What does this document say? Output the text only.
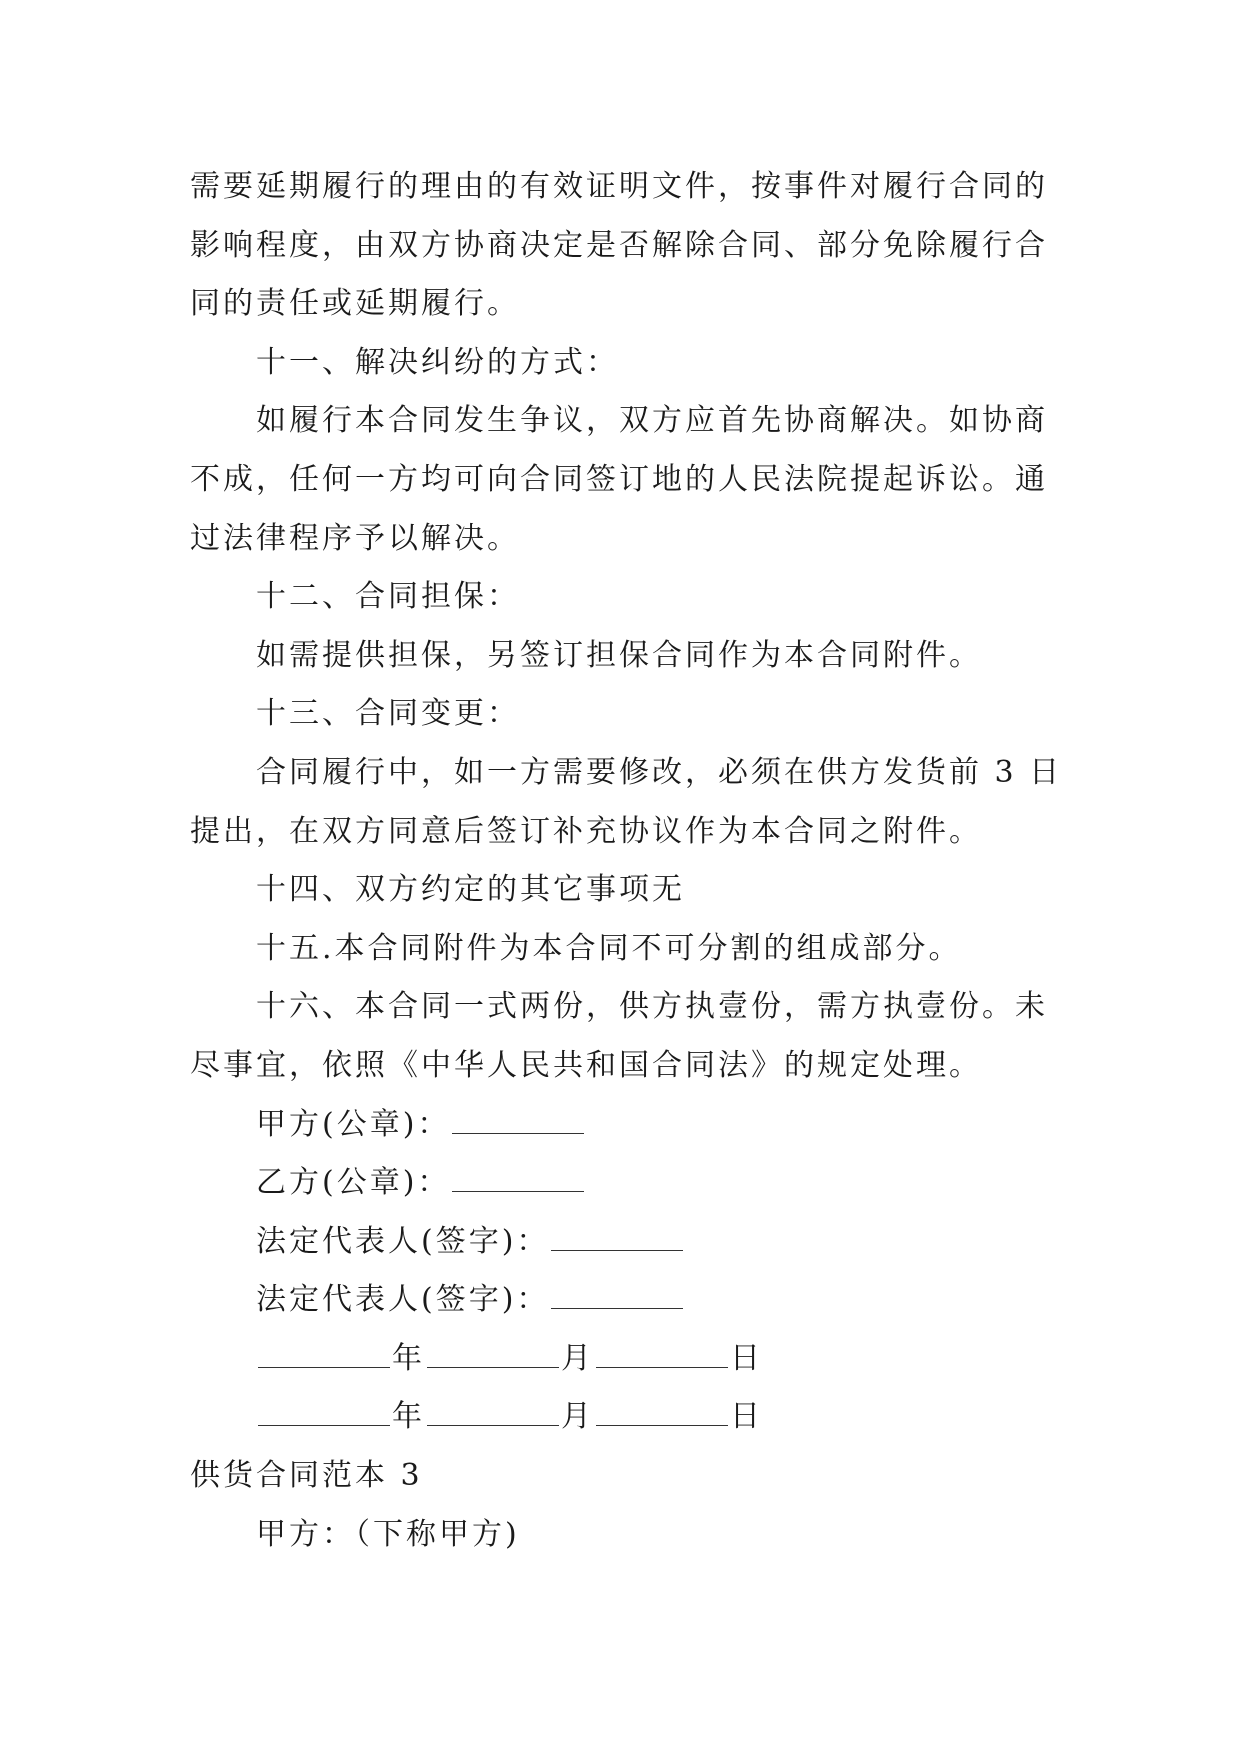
需要延期履行的理由的有效证明文件，按事件对履行合同的
影响程度，由双方协商决定是否解除合同、部分免除履行合
同的责任或延期履行。
十一、解决纠纷的方式：
如履行本合同发生争议，双方应首先协商解决。如协商
不成，任何一方均可向合同签订地的人民法院提起诉讼。通
过法律程序予以解决。
十二、合同担保：
如需提供担保，另签订担保合同作为本合同附件。
十三、合同变更：
合同履行中，如一方需要修改，必须在供方发货前 3 日
提出，在双方同意后签订补充协议作为本合同之附件。
十四、双方约定的其它事项无
十五.本合同附件为本合同不可分割的组成部分。
十六、本合同一式两份，供方执壹份，需方执壹份。未
尽事宜，依照《中华人民共和国合同法》的规定处理。
甲方(公章)：
乙方(公章)：
法定代表人(签字)：
法定代表人(签字)：
年	月	日
年	月	日
供货合同范本 3
甲方：（下称甲方)
